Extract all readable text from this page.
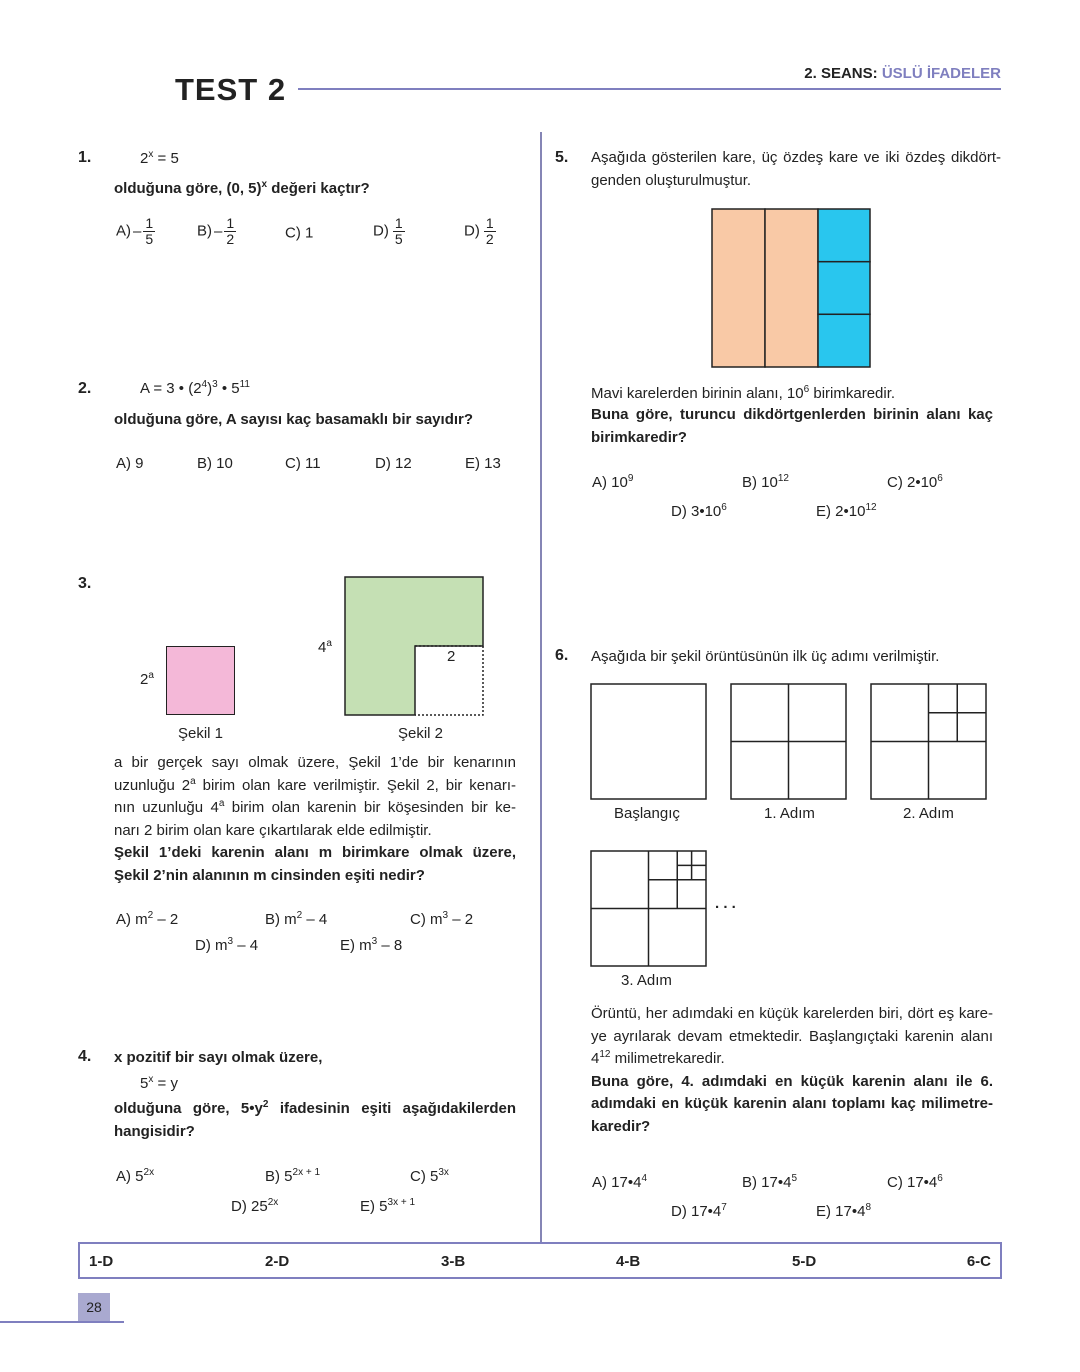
TEST 2	2. SEANS: ÜSLÜ İFADELER
1.	$2^x = 5$
olduğuna göre, (0, 5)$^x$ değeri kaçtır?
$A) - \frac{1}{5}$	$B) - \frac{1}{2}$	C) 1	$D) \frac{1}{5}$	$D) \frac{1}{2}$
2.	A = 3 • $(2^4)^3$ • $5^{11}$
olduğuna göre, A sayısı kaç basamaklı bir sayıdır?
A) 9	B) 10	C) 11	D) 12	E) 13
3.
2$^a$
4$^a$
2
Şekil 1	Şekil 2
a bir gerçek sayı olmak üzere, Şekil 1’de bir kenarının
uzunluğu 2$^a$ birim olan kare verilmiştir. Şekil 2, bir kenarı-
nın uzunluğu 4$^a$ birim olan karenin bir köşesinden bir ke-
narı 2 birim olan kare çıkartılarak elde edilmiştir.
Şekil 1’deki karenin alanı m birimkare olmak üzere,
Şekil 2’nin alanının m cinsinden eşiti nedir?
A) $m^2 - 2$	B) $m^2 - 4$	C) $m^3 - 2$
D) $m^3 - 4$	E) $m^3 - 8$
4. x pozitif bir sayı olmak üzere,
$5^x = y$
olduğuna göre, $5•y^2$ ifadesinin eşiti aşağıdakilerden
hangisidir?
A) $5^{2x}$	B) $5^{2x + 1}$	C) $5^{3x}$
D) $25^{2x}$	E) $5^{3x + 1}$
5. Aşağıda gösterilen kare, üç özdeş kare ve iki özdeş dikdört-
genden oluşturulmuştur.
Mavi karelerden birinin alanı, $10^6$ birimkaredir.
Buna göre, turuncu dikdörtgenlerden birinin alanı kaç
birimkaredir?
A) $10^9$	B) $10^{12}$	C) $2•10^6$
D) $3•10^6$	E) $2•10^{12}$
6. Aşağıda bir şekil örüntüsünün ilk üç adımı verilmiştir.
Başlangıç	1. Adım	2. Adım
. . .
3. Adım
Örüntü, her adımdaki en küçük karelerden biri, dört eş kare-
ye ayrılarak devam etmektedir. Başlangıçtaki karenin alanı
$4^{12}$ milimetrekaredir.
Buna göre, 4. adımdaki en küçük karenin alanı ile 6.
adımdaki en küçük karenin alanı toplamı kaç milimetre-
karedir?
A) $17•4^4$	B) $17•4^5$	C) $17•4^6$
D) $17•4^7$	E) $17•4^8$
1-D	2-D	3-B	4-B	5-D	6-C
28
